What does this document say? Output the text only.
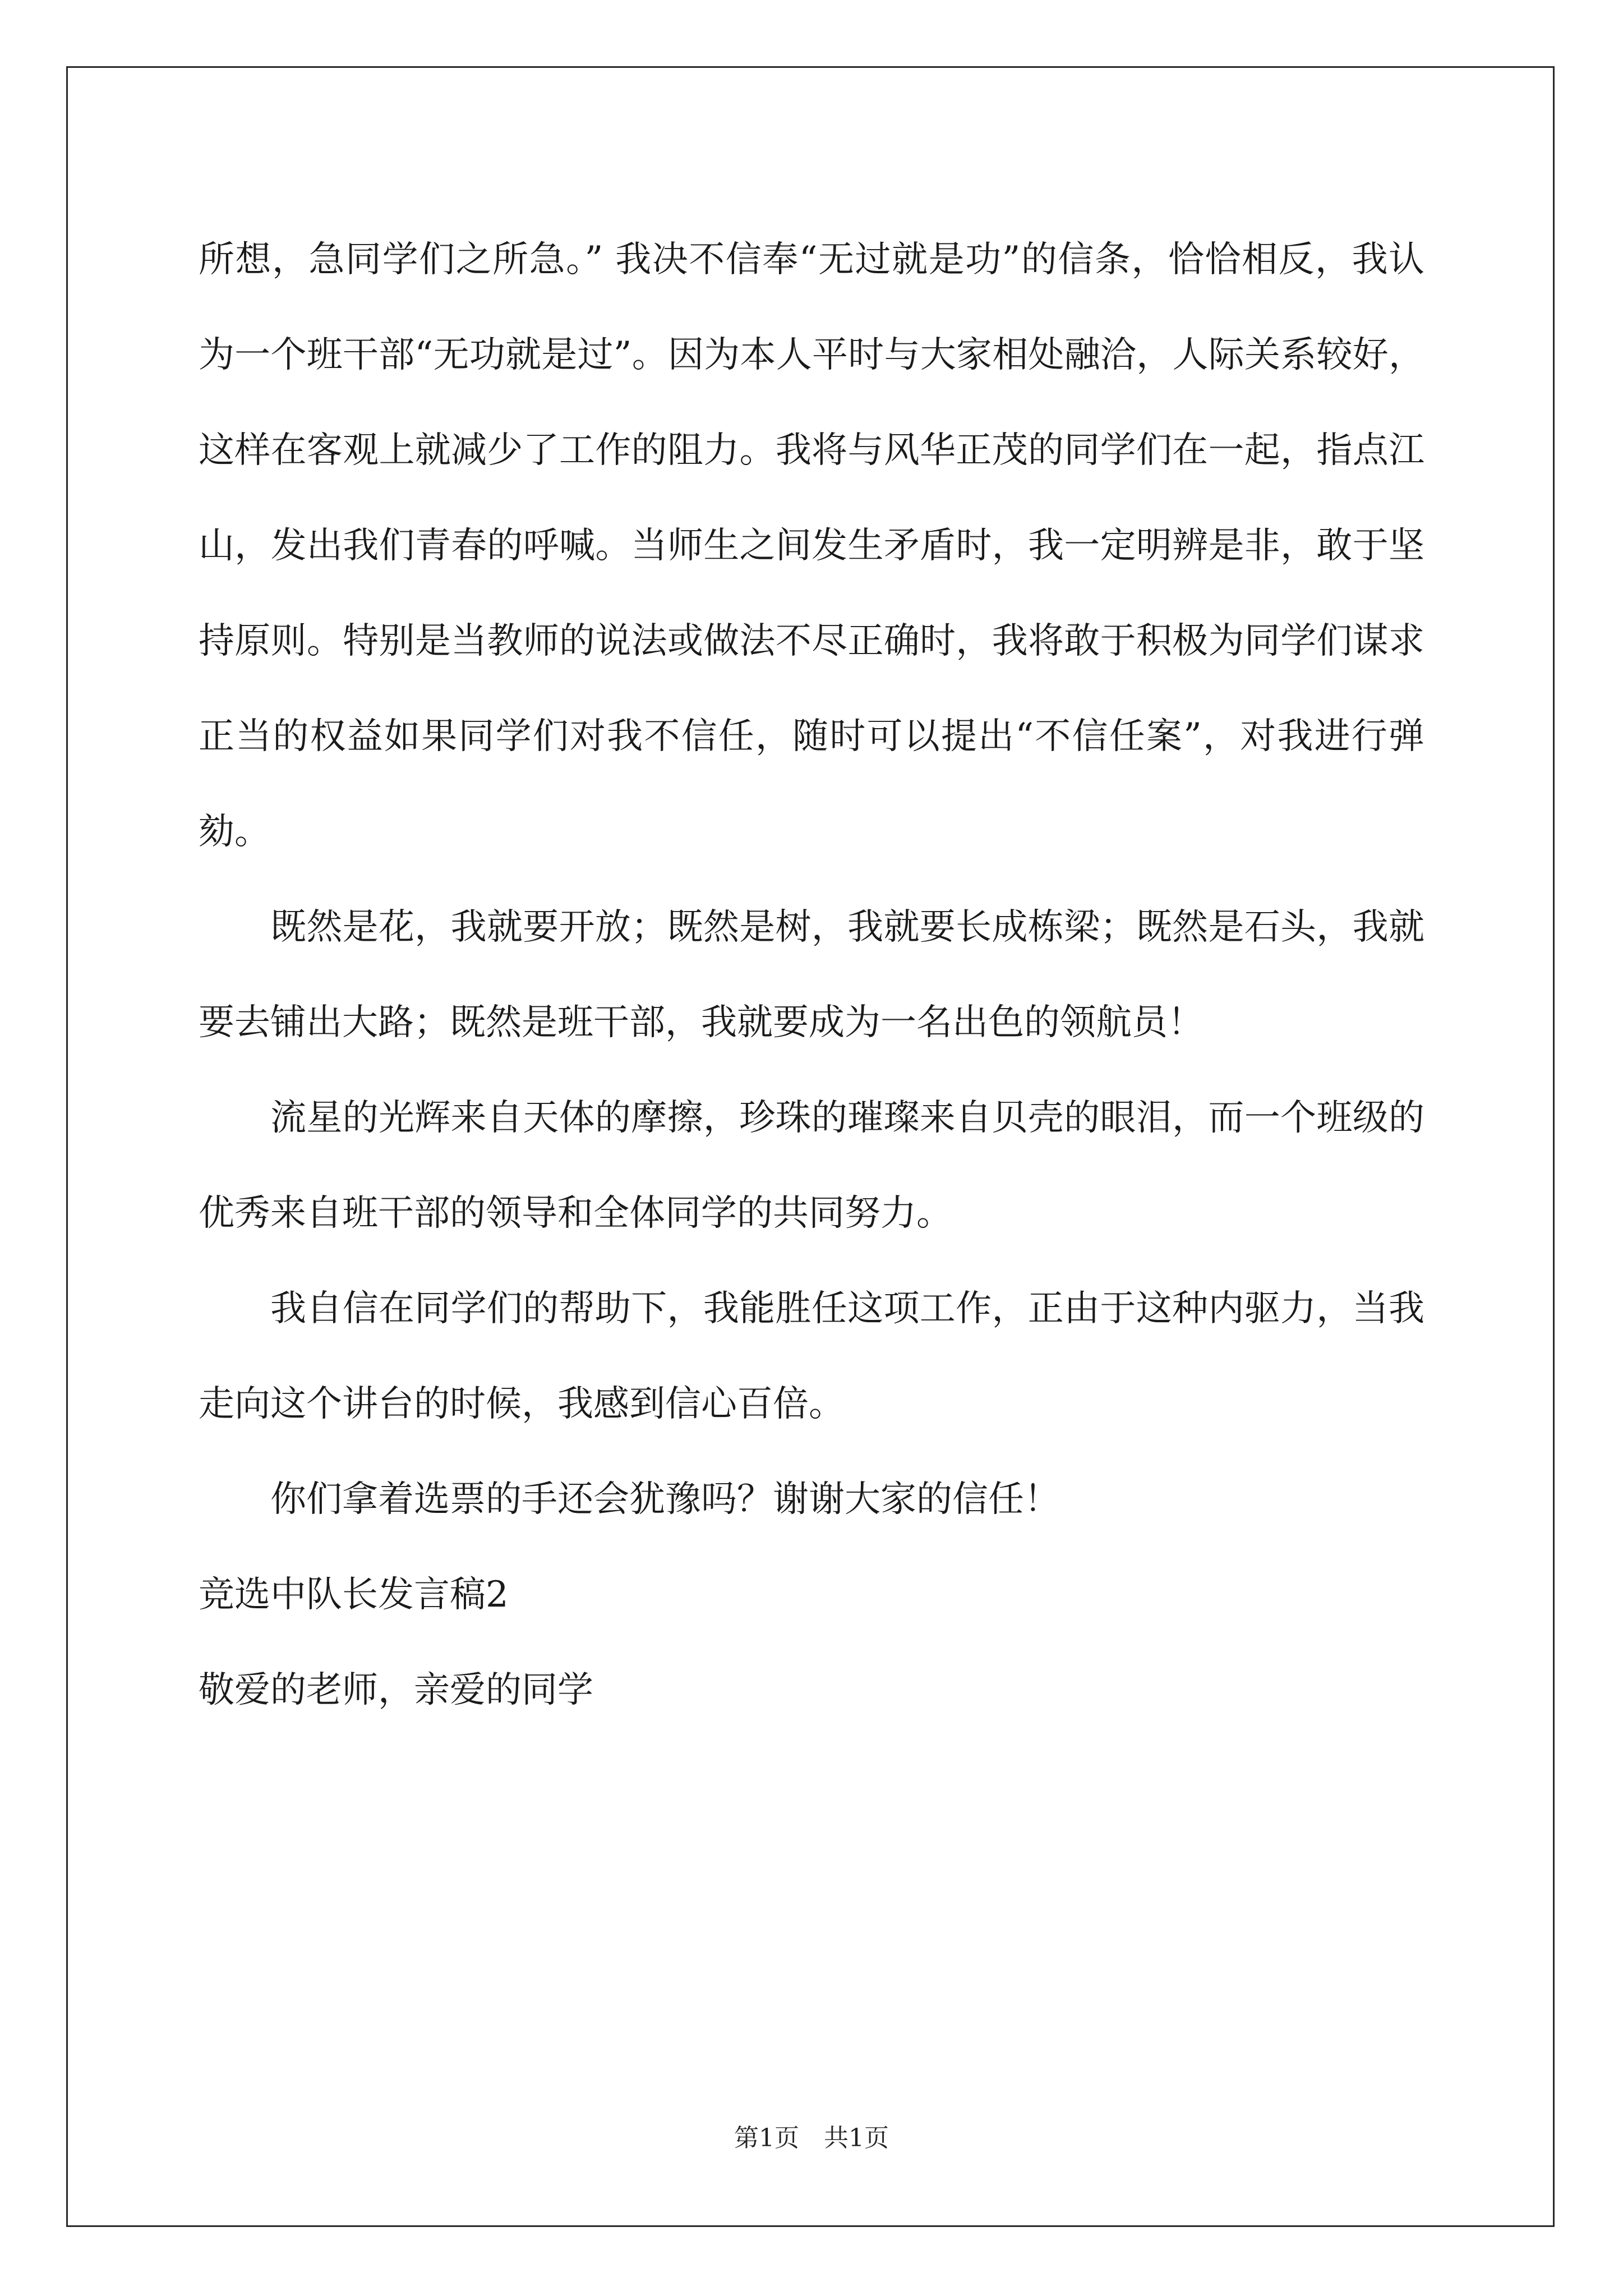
所想，急同学们之所急。” 我决不信奉“无过就是功”的信条，恰恰相反，我认为一个班干部“无功就是过”。因为本人平时与大家相处融洽，人际关系较好，这样在客观上就减少了工作的阻力。我将与风华正茂的同学们在一起，指点江山，发出我们青春的呼喊。当师生之间发生矛盾时，我一定明辨是非，敢于坚持原则。特别是当教师的说法或做法不尽正确时，我将敢于积极为同学们谋求正当的权益如果同学们对我不信任，随时可以提出“不信任案”，对我进行弹劾。

既然是花，我就要开放；既然是树，我就要长成栋梁；既然是石头，我就要去铺出大路；既然是班干部，我就要成为一名出色的领航员！

流星的光辉来自天体的摩擦，珍珠的璀璨来自贝壳的眼泪，而一个班级的优秀来自班干部的领导和全体同学的共同努力。

我自信在同学们的帮助下，我能胜任这项工作，正由于这种内驱力，当我走向这个讲台的时候，我感到信心百倍。

你们拿着选票的手还会犹豫吗？谢谢大家的信任！

竞选中队长发言稿2

敬爱的老师，亲爱的同学

第1页　共1页
